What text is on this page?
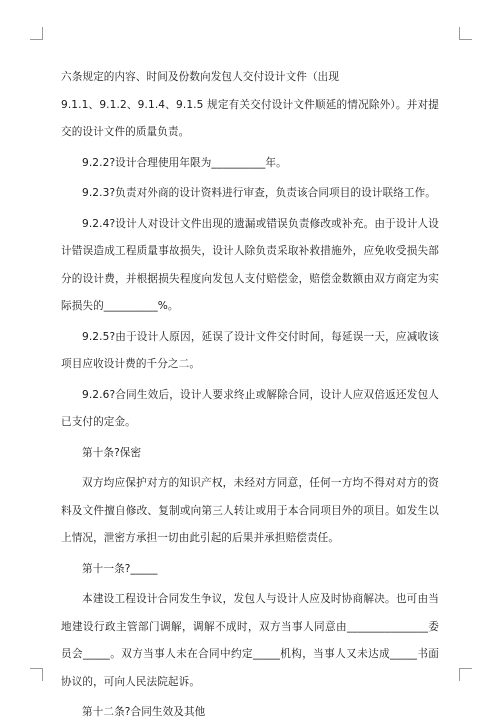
六条规定的内容、时间及份数向发包人交付设计文件（出现

9.1.1、9.1.2、9.1.4、9.1.5 规定有关交付设计文件顺延的情况除外）。并对提交的设计文件的质量负责。

9.2.2?设计合理使用年限为__________年。

9.2.3?负责对外商的设计资料进行审查，负责该合同项目的设计联络工作。

9.2.4?设计人对设计文件出现的遗漏或错误负责修改或补充。由于设计人设计错误造成工程质量事故损失，设计人除负责采取补救措施外，应免收受损失部分的设计费，并根据损失程度向发包人支付赔偿金，赔偿金数额由双方商定为实际损失的__________%。

9.2.5?由于设计人原因，延误了设计文件交付时间，每延误一天，应减收该项目应收设计费的千分之二。

9.2.6?合同生效后，设计人要求终止或解除合同，设计人应双倍返还发包人已支付的定金。

第十条?保密

双方均应保护对方的知识产权，未经对方同意，任何一方均不得对对方的资料及文件擅自修改、复制或向第三人转让或用于本合同项目外的项目。如发生以上情况，泄密方承担一切由此引起的后果并承担赔偿责任。

第十一条?_____

本建设工程设计合同发生争议，发包人与设计人应及时协商解决。也可由当地建设行政主管部门调解，调解不成时，双方当事人同意由_______________委员会_____。双方当事人未在合同中约定_____机构，当事人又未达成_____书面协议的，可向人民法院起诉。

第十二条?合同生效及其他
